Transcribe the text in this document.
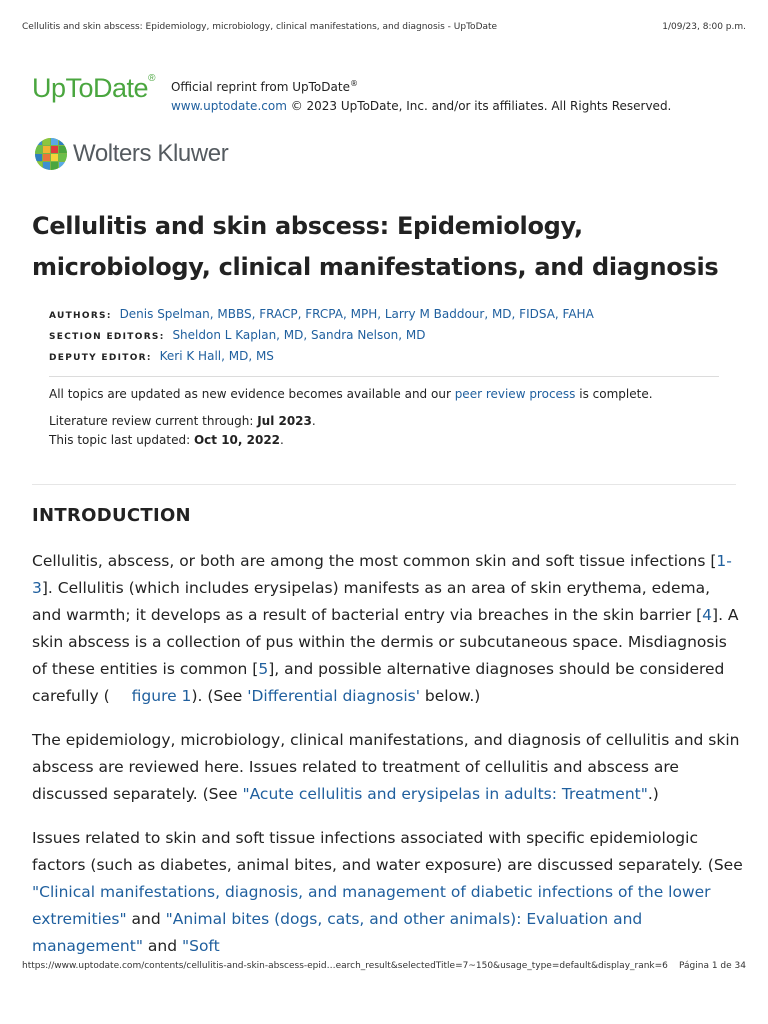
Cellulitis and skin abscess: Epidemiology, microbiology, clinical manifestations, and diagnosis - UpToDate	1/09/23, 8:00 p.m.
UpToDate®
Official reprint from UpToDate®
www.uptodate.com © 2023 UpToDate, Inc. and/or its affiliates. All Rights Reserved.
Wolters Kluwer
Cellulitis and skin abscess: Epidemiology, microbiology, clinical manifestations, and diagnosis
AUTHORS: Denis Spelman, MBBS, FRACP, FRCPA, MPH, Larry M Baddour, MD, FIDSA, FAHA
SECTION EDITORS: Sheldon L Kaplan, MD, Sandra Nelson, MD
DEPUTY EDITOR: Keri K Hall, MD, MS
All topics are updated as new evidence becomes available and our peer review process is complete.
Literature review current through: Jul 2023.
This topic last updated: Oct 10, 2022.
INTRODUCTION

Cellulitis, abscess, or both are among the most common skin and soft tissue infections [1-3]. Cellulitis (which includes erysipelas) manifests as an area of skin erythema, edema, and warmth; it develops as a result of bacterial entry via breaches in the skin barrier [4]. A skin abscess is a collection of pus within the dermis or subcutaneous space. Misdiagnosis of these entities is common [5], and possible alternative diagnoses should be considered carefully ( figure 1). (See 'Differential diagnosis' below.)

The epidemiology, microbiology, clinical manifestations, and diagnosis of cellulitis and skin abscess are reviewed here. Issues related to treatment of cellulitis and abscess are discussed separately. (See "Acute cellulitis and erysipelas in adults: Treatment".)

Issues related to skin and soft tissue infections associated with specific epidemiologic factors (such as diabetes, animal bites, and water exposure) are discussed separately. (See "Clinical manifestations, diagnosis, and management of diabetic infections of the lower extremities" and "Animal bites (dogs, cats, and other animals): Evaluation and management" and "Soft

https://www.uptodate.com/contents/cellulitis-and-skin-abscess-epid…earch_result&selectedTitle=7~150&usage_type=default&display_rank=6 Página 1 de 34
